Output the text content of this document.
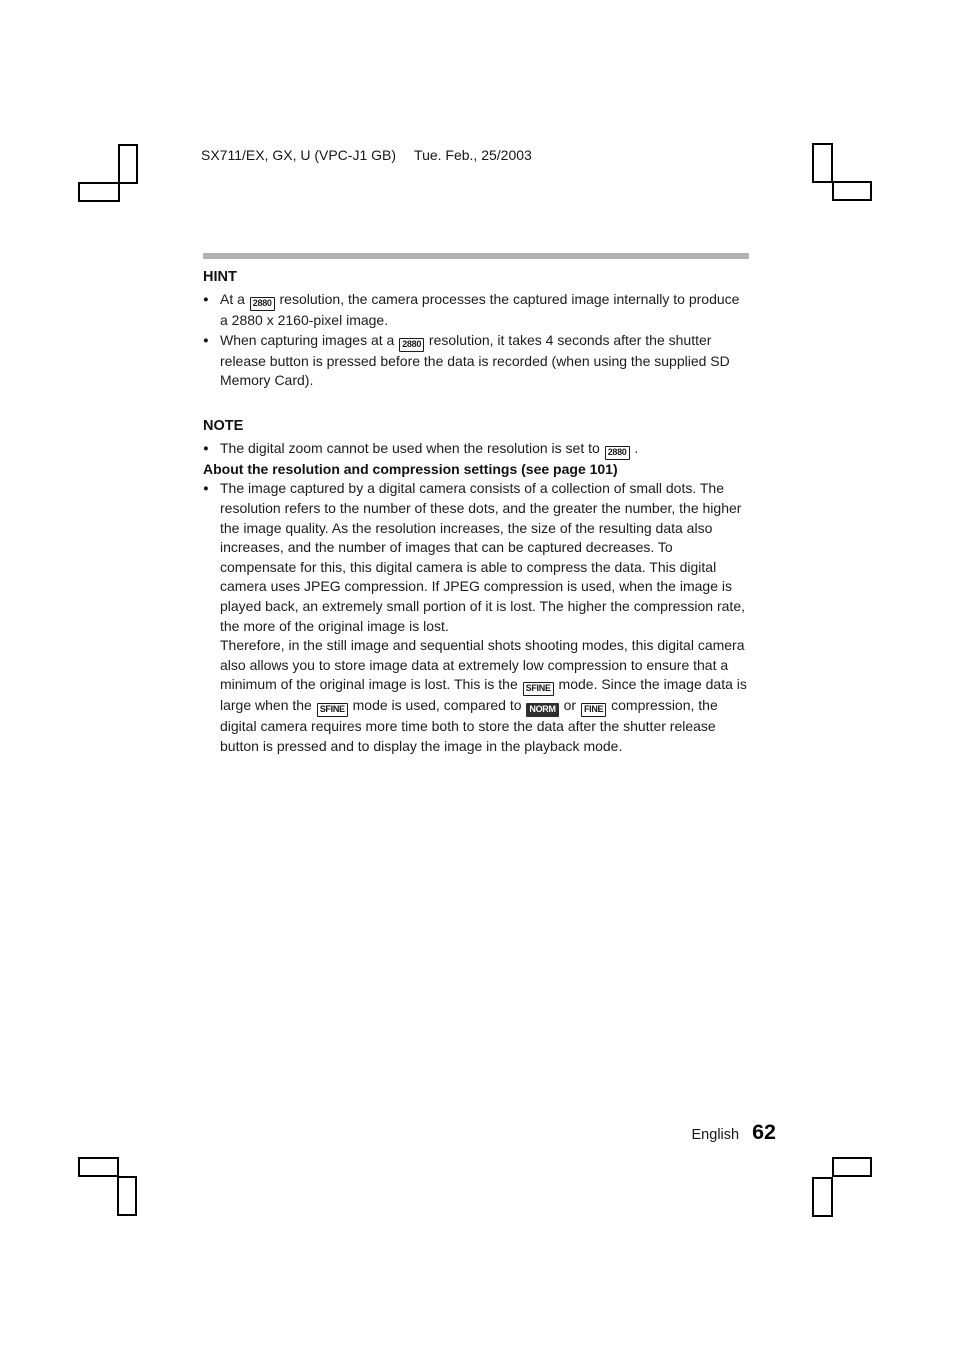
SX711/EX, GX, U (VPC-J1 GB) Tue. Feb., 25/2003
HINT

● At a 2880 resolution, the camera processes the captured image internally to produce a 2880 x 2160-pixel image.

● When capturing images at a 2880 resolution, it takes 4 seconds after the shutter release button is pressed before the data is recorded (when using the supplied SD Memory Card).

NOTE

● The digital zoom cannot be used when the resolution is set to 2880 .

About the resolution and compression settings (see page 101)

● The image captured by a digital camera consists of a collection of small dots. The resolution refers to the number of these dots, and the greater the number, the higher the image quality. As the resolution increases, the size of the resulting data also increases, and the number of images that can be captured decreases. To compensate for this, this digital camera is able to compress the data. This digital camera uses JPEG compression. If JPEG compression is used, when the image is played back, an extremely small portion of it is lost. The higher the compression rate, the more of the original image is lost.

Therefore, in the still image and sequential shots shooting modes, this digital camera also allows you to store image data at extremely low compression to ensure that a minimum of the original image is lost. This is the SFINE mode. Since the image data is large when the SFINE mode is used, compared to NORM or FINE compression, the digital camera requires more time both to store the data after the shutter release button is pressed and to display the image in the playback mode.

English 62
